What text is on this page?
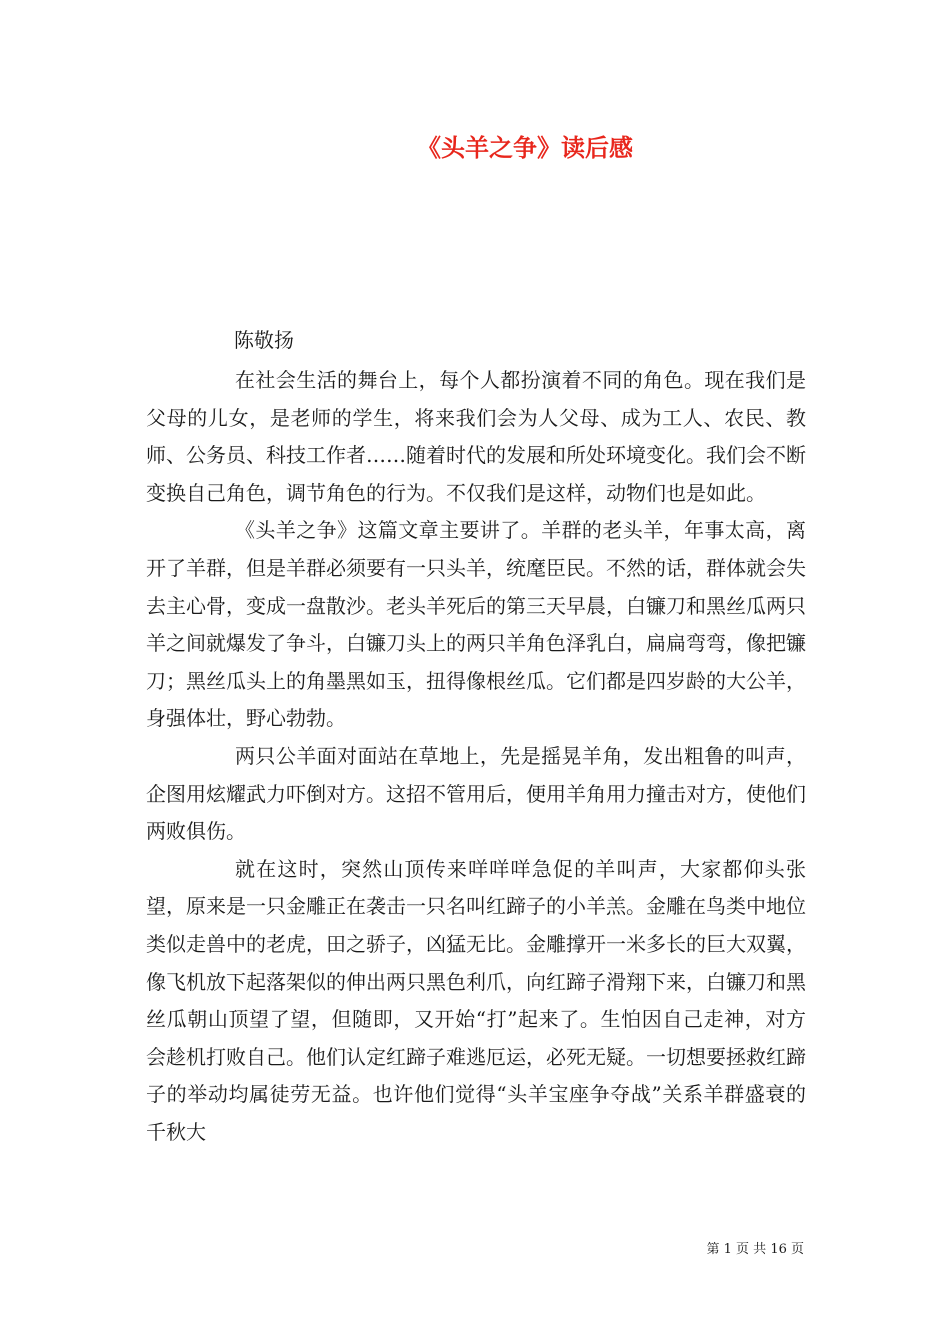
《头羊之争》读后感
陈敬扬

在社会生活的舞台上，每个人都扮演着不同的角色。现在我们是父母的儿女，是老师的学生，将来我们会为人父母、成为工人、农民、教师、公务员、科技工作者……随着时代的发展和所处环境变化。我们会不断变换自己角色，调节角色的行为。不仅我们是这样，动物们也是如此。

《头羊之争》这篇文章主要讲了。羊群的老头羊，年事太高，离开了羊群，但是羊群必须要有一只头羊，统麾臣民。不然的话，群体就会失去主心骨，变成一盘散沙。老头羊死后的第三天早晨，白镰刀和黑丝瓜两只羊之间就爆发了争斗，白镰刀头上的两只羊角色泽乳白，扁扁弯弯，像把镰刀；黑丝瓜头上的角墨黑如玉，扭得像根丝瓜。它们都是四岁龄的大公羊，身强体壮，野心勃勃。

两只公羊面对面站在草地上，先是摇晃羊角，发出粗鲁的叫声，企图用炫耀武力吓倒对方。这招不管用后，便用羊角用力撞击对方，使他们两败俱伤。

就在这时，突然山顶传来咩咩咩急促的羊叫声，大家都仰头张望，原来是一只金雕正在袭击一只名叫红蹄子的小羊羔。金雕在鸟类中地位类似走兽中的老虎，田之骄子，凶猛无比。金雕撑开一米多长的巨大双翼，像飞机放下起落架似的伸出两只黑色利爪，向红蹄子滑翔下来，白镰刀和黑丝瓜朝山顶望了望，但随即，又开始“打”起来了。生怕因自己走神，对方会趁机打败自己。他们认定红蹄子难逃厄运，必死无疑。一切想要拯救红蹄子的举动均属徒劳无益。也许他们觉得“头羊宝座争夺战”关系羊群盛衰的千秋大

第 1 页 共 16 页
